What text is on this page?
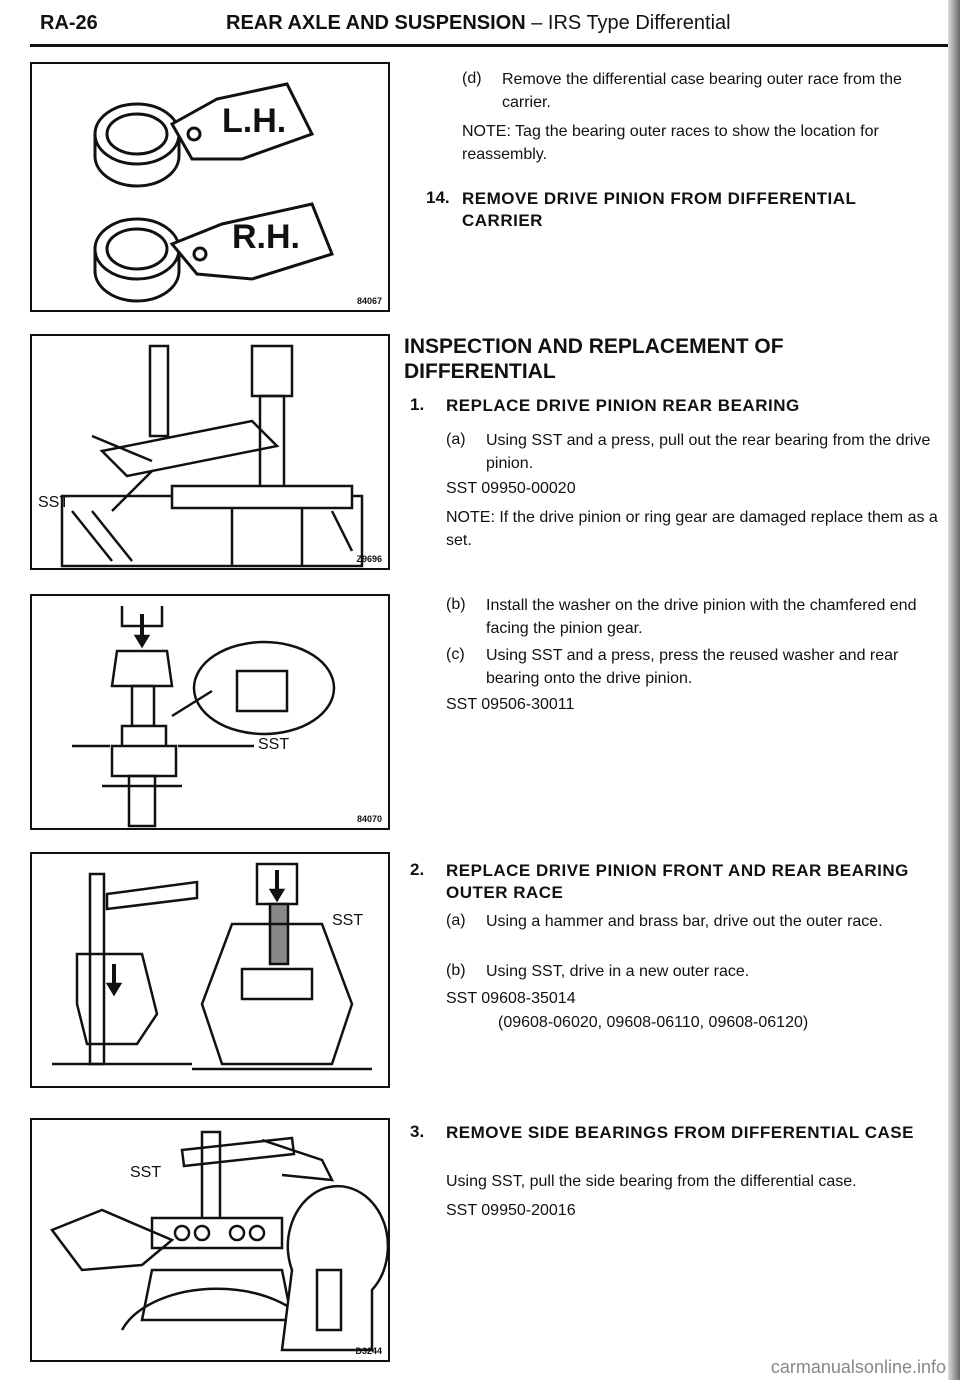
RA-26	REAR AXLE AND SUSPENSION – IRS Type Differential
L.H.
R.H.
84067
SST
Z9696
SST
84070
SST
SST
D3244
(d) Remove the differential case bearing outer race from the carrier.
NOTE: Tag the bearing outer races to show the location for reassembly.
14. REMOVE DRIVE PINION FROM DIFFERENTIAL CARRIER
INSPECTION AND REPLACEMENT OF DIFFERENTIAL
1. REPLACE DRIVE PINION REAR BEARING
(a) Using SST and a press, pull out the rear bearing from the drive pinion.
SST 09950-00020
NOTE: If the drive pinion or ring gear are damaged replace them as a set.
(b) Install the washer on the drive pinion with the chamfered end facing the pinion gear.
(c) Using SST and a press, press the reused washer and rear bearing onto the drive pinion.
SST 09506-30011
2. REPLACE DRIVE PINION FRONT AND REAR BEARING OUTER RACE
(a) Using a hammer and brass bar, drive out the outer race.
(b) Using SST, drive in a new outer race.
SST 09608-35014
(09608-06020, 09608-06110, 09608-06120)
3. REMOVE SIDE BEARINGS FROM DIFFERENTIAL CASE
Using SST, pull the side bearing from the differential case.
SST 09950-20016
carmanualsonline.info
